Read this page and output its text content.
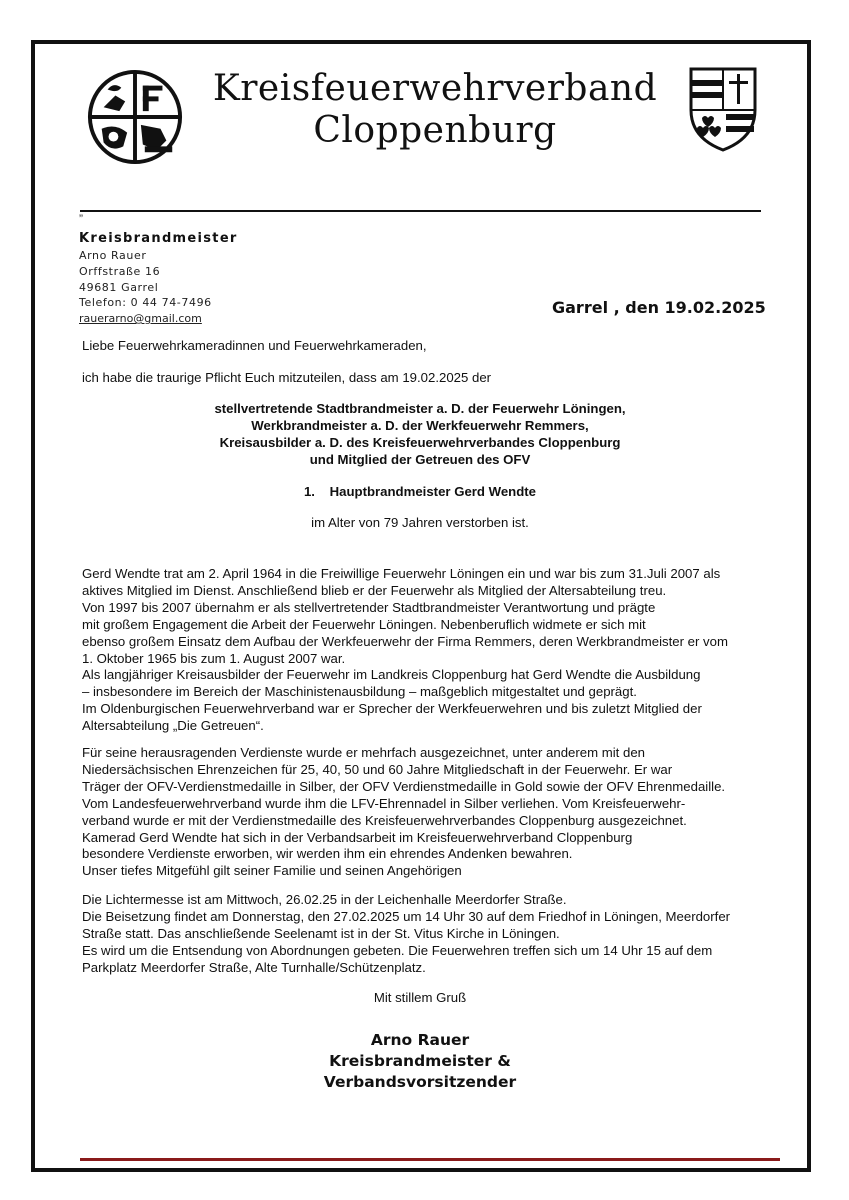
Kreisfeuerwehrverband
Cloppenburg
”
Kreisbrandmeister
Arno Rauer
Orffstraße 16
49681 Garrel
Telefon: 0 44 74-7496
rauerarno@gmail.com
Garrel , den 19.02.2025
Liebe Feuerwehrkameradinnen und Feuerwehrkameraden,
ich habe die traurige Pflicht Euch mitzuteilen, dass am 19.02.2025 der
stellvertretende Stadtbrandmeister a. D. der Feuerwehr Löningen,
Werkbrandmeister a. D. der Werkfeuerwehr Remmers,
Kreisausbilder a. D. des Kreisfeuerwehrverbandes Cloppenburg
und Mitglied der Getreuen des OFV
1.    Hauptbrandmeister Gerd Wendte
im Alter von 79 Jahren verstorben ist.
Gerd Wendte trat am 2. April 1964 in die Freiwillige Feuerwehr Löningen ein und war bis zum 31.Juli 2007 als
aktives Mitglied im Dienst. Anschließend blieb er der Feuerwehr als Mitglied der Altersabteilung treu.
Von 1997 bis 2007 übernahm er als stellvertretender Stadtbrandmeister Verantwortung und prägte
mit großem Engagement die Arbeit der Feuerwehr Löningen. Nebenberuflich widmete er sich mit
ebenso großem Einsatz dem Aufbau der Werkfeuerwehr der Firma Remmers, deren Werkbrandmeister er vom
1. Oktober 1965 bis zum 1. August 2007 war.
Als langjähriger Kreisausbilder der Feuerwehr im Landkreis Cloppenburg hat Gerd Wendte die Ausbildung
– insbesondere im Bereich der Maschinistenausbildung – maßgeblich mitgestaltet und geprägt.
Im Oldenburgischen Feuerwehrverband war er Sprecher der Werkfeuerwehren und bis zuletzt Mitglied der
Altersabteilung „Die Getreuen“.
Für seine herausragenden Verdienste wurde er mehrfach ausgezeichnet, unter anderem mit den
Niedersächsischen Ehrenzeichen für 25, 40, 50 und 60 Jahre Mitgliedschaft in der Feuerwehr. Er war
Träger der OFV-Verdienstmedaille in Silber, der OFV Verdienstmedaille in Gold sowie der OFV Ehrenmedaille.
Vom Landesfeuerwehrverband wurde ihm die LFV-Ehrennadel in Silber verliehen. Vom Kreisfeuerwehr-
verband wurde er mit der Verdienstmedaille des Kreisfeuerwehrverbandes Cloppenburg ausgezeichnet.
Kamerad Gerd Wendte hat sich in der Verbandsarbeit im Kreisfeuerwehrverband Cloppenburg
besondere Verdienste erworben, wir werden ihm ein ehrendes Andenken bewahren.
Unser tiefes Mitgefühl gilt seiner Familie und seinen Angehörigen
Die Lichtermesse ist am Mittwoch, 26.02.25 in der Leichenhalle Meerdorfer Straße.
Die Beisetzung findet am Donnerstag, den 27.02.2025 um 14 Uhr 30 auf dem Friedhof in Löningen, Meerdorfer
Straße statt. Das anschließende Seelenamt ist in der St. Vitus Kirche in Löningen.
Es wird um die Entsendung von Abordnungen gebeten. Die Feuerwehren treffen sich um 14 Uhr 15 auf dem
Parkplatz Meerdorfer Straße, Alte Turnhalle/Schützenplatz.
Mit stillem Gruß
Arno Rauer
Kreisbrandmeister &
Verbandsvorsitzender
